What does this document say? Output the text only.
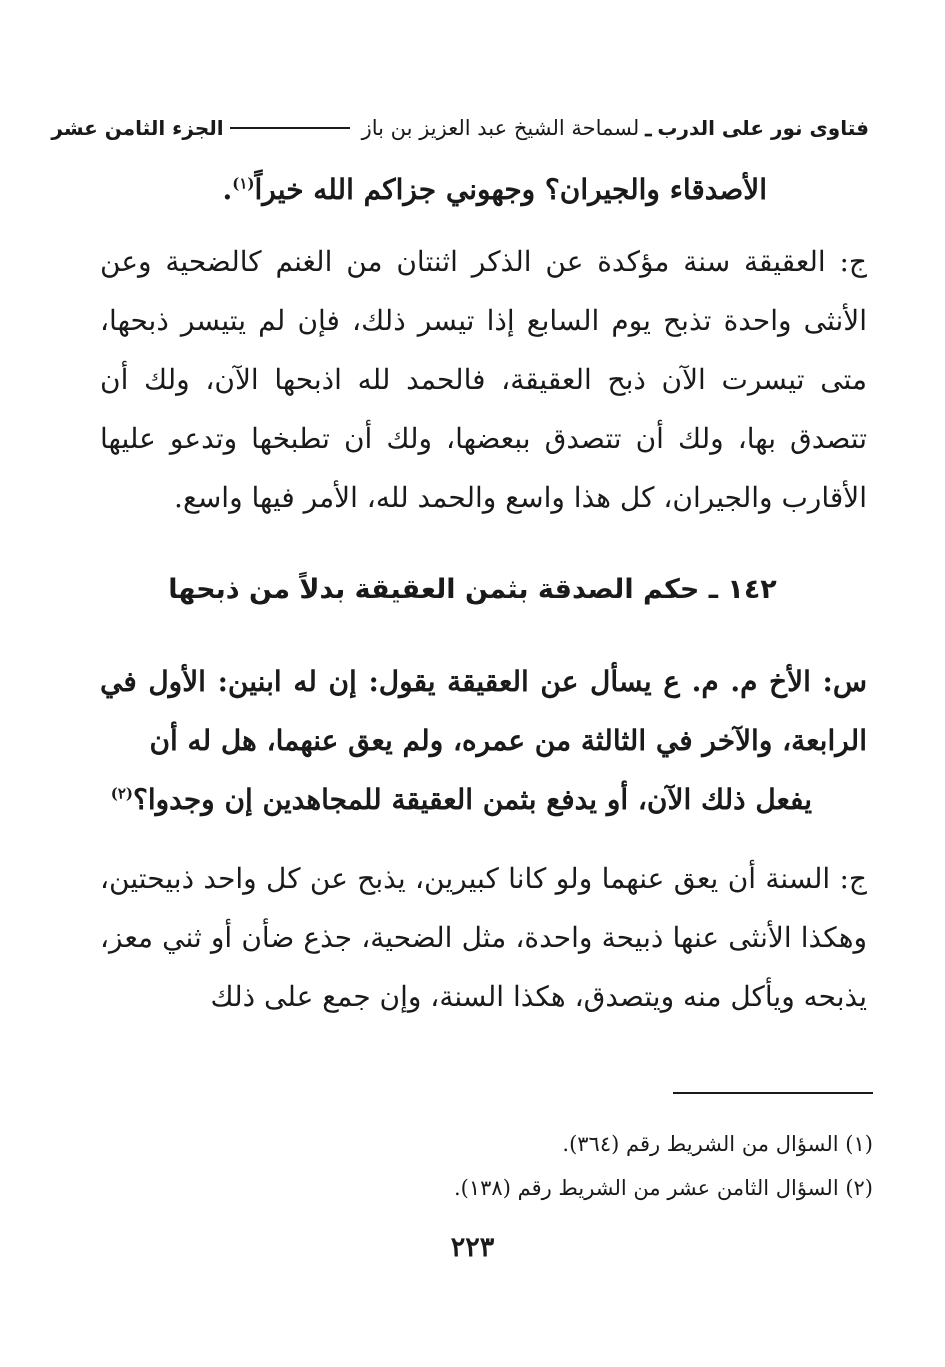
فتاوى نور على الدرب
ـ
لسماحة الشيخ عبد العزيز بن باز
الجزء الثامن عشر
الأصدقاء والجيران؟ وجهوني جزاكم الله خيراً$^{(١)}$.
ج: العقيقة سنة مؤكدة عن الذكر اثنتان من الغنم كالضحية وعن الأنثى واحدة تذبح يوم السابع إذا تيسر ذلك، فإن لم يتيسر ذبحها، متى تيسرت الآن ذبح العقيقة، فالحمد لله اذبحها الآن، ولك أن تتصدق بها، ولك أن تتصدق ببعضها، ولك أن تطبخها وتدعو عليها الأقارب والجيران، كل هذا واسع والحمد لله، الأمر فيها واسع.
١٤٢ ـ حكم الصدقة بثمن العقيقة بدلاً من ذبحها
س: الأخ م. م. ع يسأل عن العقيقة يقول: إن له ابنين: الأول في الرابعة، والآخر في الثالثة من عمره، ولم يعق عنهما، هل له أن
يفعل ذلك الآن، أو يدفع بثمن العقيقة للمجاهدين إن وجدوا؟$^{(٢)}$
ج: السنة أن يعق عنهما ولو كانا كبيرين، يذبح عن كل واحد ذبيحتين، وهكذا الأنثى عنها ذبيحة واحدة، مثل الضحية، جذع ضأن أو ثني معز، يذبحه ويأكل منه ويتصدق، هكذا السنة، وإن جمع على ذلك
(١) السؤال من الشريط رقم (٣٦٤).
(٢) السؤال الثامن عشر من الشريط رقم (١٣٨).
٢٢٣
